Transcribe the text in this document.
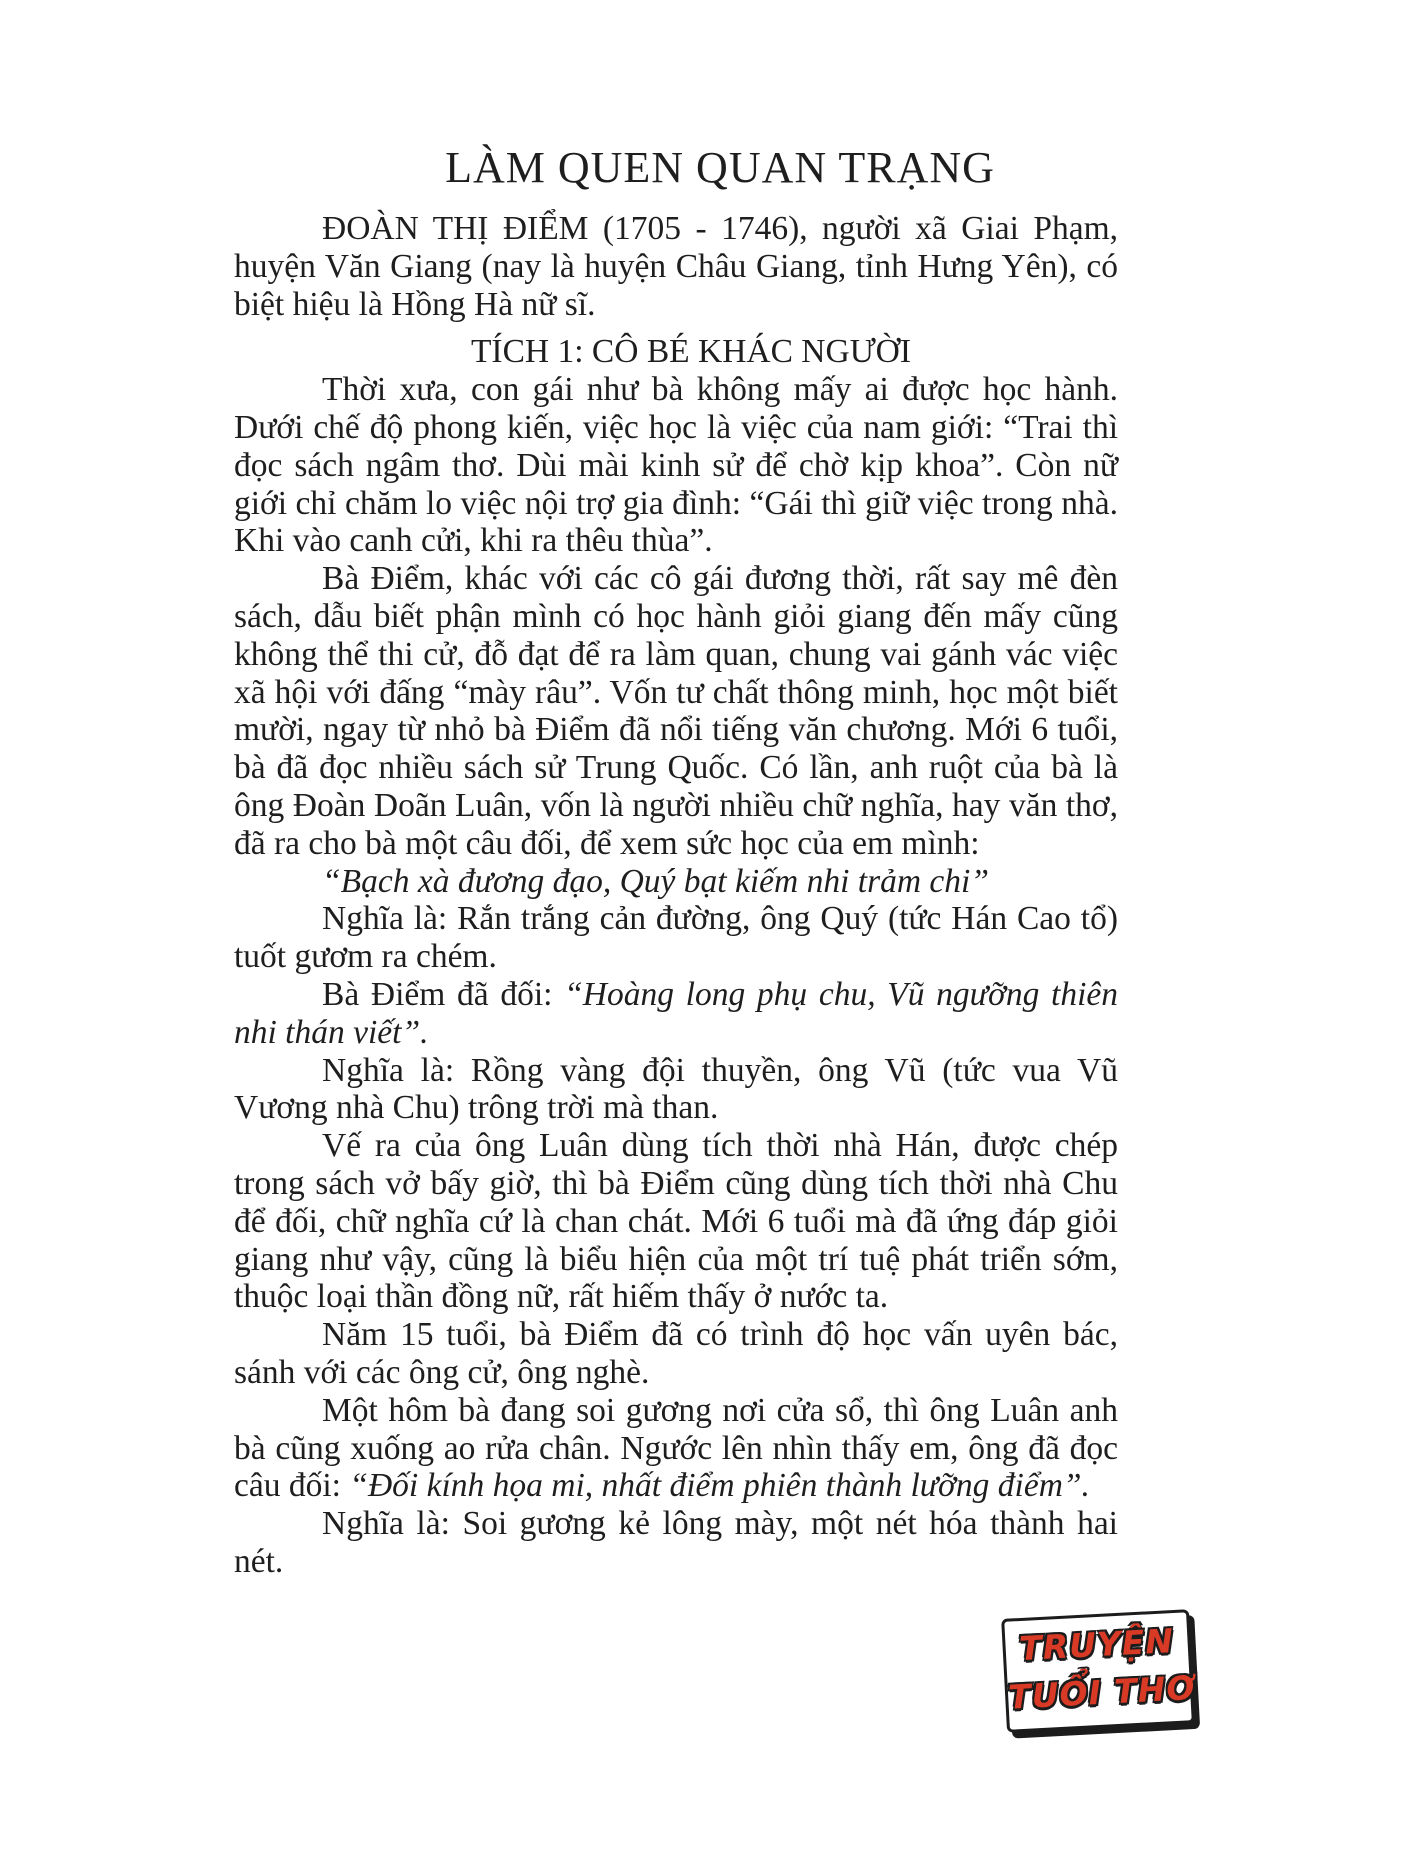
LÀM QUEN QUAN TRẠNG

ĐOÀN THỊ ĐIỂM (1705 - 1746), người xã Giai Phạm, huyện Văn Giang (nay là huyện Châu Giang, tỉnh Hưng Yên), có biệt hiệu là Hồng Hà nữ sĩ.

TÍCH 1: CÔ BÉ KHÁC NGƯỜI

Thời xưa, con gái như bà không mấy ai được học hành. Dưới chế độ phong kiến, việc học là việc của nam giới: “Trai thì đọc sách ngâm thơ. Dùi mài kinh sử để chờ kịp khoa”. Còn nữ giới chỉ chăm lo việc nội trợ gia đình: “Gái thì giữ việc trong nhà. Khi vào canh cửi, khi ra thêu thùa”.

Bà Điểm, khác với các cô gái đương thời, rất say mê đèn sách, dẫu biết phận mình có học hành giỏi giang đến mấy cũng không thể thi cử, đỗ đạt để ra làm quan, chung vai gánh vác việc xã hội với đấng “mày râu”. Vốn tư chất thông minh, học một biết mười, ngay từ nhỏ bà Điểm đã nổi tiếng văn chương. Mới 6 tuổi, bà đã đọc nhiều sách sử Trung Quốc. Có lần, anh ruột của bà là ông Đoàn Doãn Luân, vốn là người nhiều chữ nghĩa, hay văn thơ, đã ra cho bà một câu đối, để xem sức học của em mình:

“Bạch xà đương đạo, Quý bạt kiếm nhi trảm chi”

Nghĩa là: Rắn trắng cản đường, ông Quý (tức Hán Cao tổ) tuốt gươm ra chém.

Bà Điểm đã đối: “Hoàng long phụ chu, Vũ ngưỡng thiên nhi thán viết”.

Nghĩa là: Rồng vàng đội thuyền, ông Vũ (tức vua Vũ Vương nhà Chu) trông trời mà than.

Vế ra của ông Luân dùng tích thời nhà Hán, được chép trong sách vở bấy giờ, thì bà Điểm cũng dùng tích thời nhà Chu để đối, chữ nghĩa cứ là chan chát. Mới 6 tuổi mà đã ứng đáp giỏi giang như vậy, cũng là biểu hiện của một trí tuệ phát triển sớm, thuộc loại thần đồng nữ, rất hiếm thấy ở nước ta.

Năm 15 tuổi, bà Điểm đã có trình độ học vấn uyên bác, sánh với các ông cử, ông nghè.

Một hôm bà đang soi gương nơi cửa sổ, thì ông Luân anh bà cũng xuống ao rửa chân. Ngước lên nhìn thấy em, ông đã đọc câu đối: “Đối kính họa mi, nhất điểm phiên thành lưỡng điểm”.

Nghĩa là: Soi gương kẻ lông mày, một nét hóa thành hai nét.

TRUYỆN
TUỔI THƠ
